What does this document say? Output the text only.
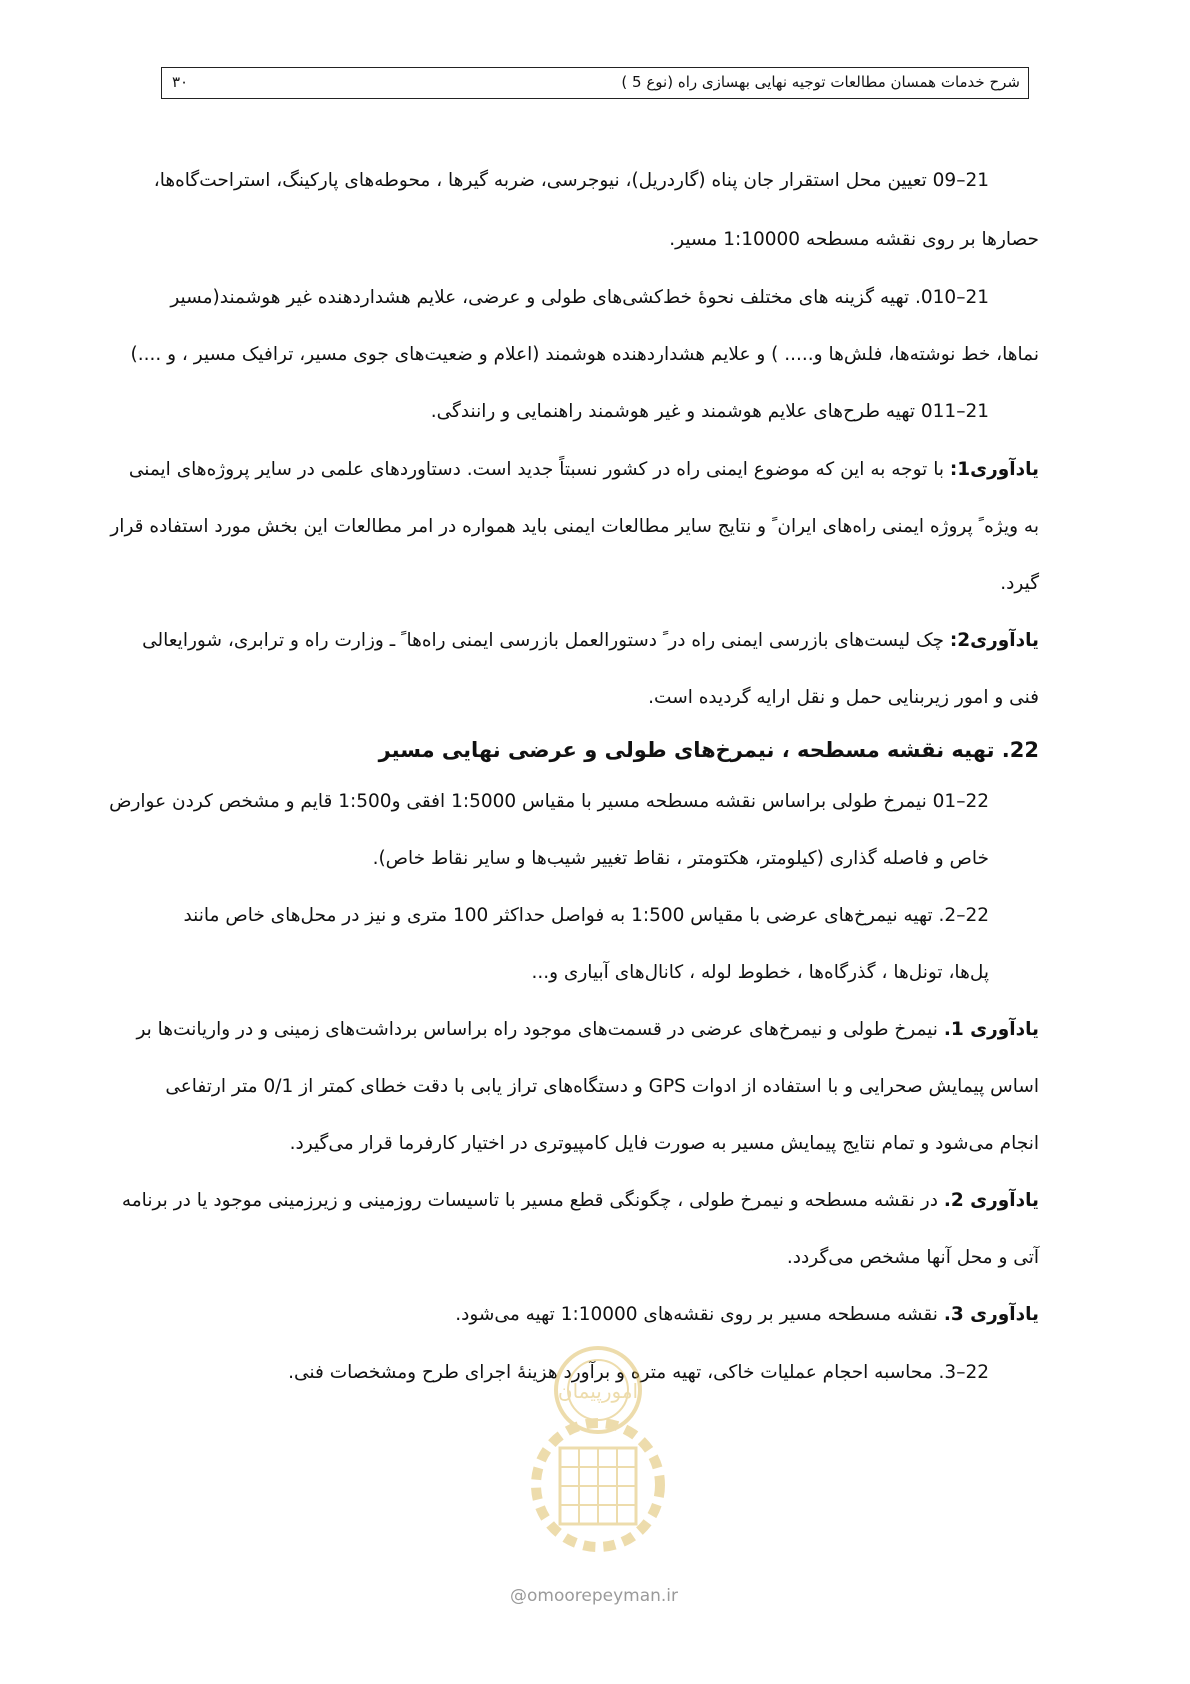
شرح خدمات همسان مطالعات توجیه نهایی بهسازی راه (نوع 5 )
۳۰
21–09 تعیین محل استقرار جان پناه (گاردریل)، نیوجرسی، ضربه گیرها ، محوطه‌های پارکینگ، استراحت‌گاه‌ها،
حصارها بر روی نقشه مسطحه 1:10000 مسیر.
21–010. تهیه گزینه های مختلف نحوهٔ خط‌کشی‌های طولی و عرضی، علایم هشداردهنده غیر هوشمند(مسیر
نماها، خط نوشته‌ها، فلش‌ها و..... ) و علایم هشداردهنده هوشمند (اعلام و ضعیت‌های جوی مسیر، ترافیک مسیر ، و ....)
21–011 تهیه طرح‌های علایم هوشمند و غیر هوشمند راهنمایی و رانندگی.
یادآوری1: با توجه به این که موضوع ایمنی راه در کشور نسبتاً جدید است. دستاوردهای علمی در سایر پروژه‌های ایمنی
به ویژه ً پروژه ایمنی راه‌های ایران ً و نتایج سایر مطالعات ایمنی باید همواره در امر مطالعات این بخش مورد استفاده قرار
گیرد.
یادآوری2: چک لیست‌های بازرسی ایمنی راه در ً دستورالعمل بازرسی ایمنی راه‌ها ً ـ وزارت راه و ترابری، شورایعالی
فنی و امور زیربنایی حمل و نقل ارایه گردیده است.
22. تهیه نقشه مسطحه ، نیمرخ‌های طولی و عرضی نهایی مسیر
22–01 نیمرخ طولی براساس نقشه مسطحه مسیر با مقیاس 1:5000 افقی و1:500 قایم و مشخص کردن عوارض
خاص و فاصله گذاری (کیلومتر، هکتومتر ، نقاط تغییر شیب‌ها و سایر نقاط خاص).
22–2. تهیه نیمرخ‌های عرضی با مقیاس 1:500 به فواصل حداکثر 100 متری و نیز در محل‌های خاص مانند
پل‌ها، تونل‌ها ، گذرگاه‌ها ، خطوط لوله ، کانال‌های آبیاری و...
یادآوری 1. نیمرخ طولی و نیمرخ‌های عرضی در قسمت‌های موجود راه براساس برداشت‌های زمینی و در واریانت‌ها بر
اساس پیمایش صحرایی و با استفاده از ادوات GPS و دستگاه‌های تراز یابی با دقت خطای کمتر از 0/1 متر ارتفاعی
انجام می‌شود و تمام نتایج پیمایش مسیر به صورت فایل کامپیوتری در اختیار کارفرما قرار می‌گیرد.
یادآوری 2. در نقشه مسطحه و نیمرخ طولی ، چگونگی قطع مسیر با تاسیسات روزمینی و زیرزمینی موجود یا در برنامه
آتی و محل آنها مشخص می‌گردد.
یادآوری 3. نقشه مسطحه مسیر بر روی نقشه‌های 1:10000 تهیه می‌شود.
22–3. محاسبه احجام عملیات خاکی، تهیه متره و برآورد هزینهٔ اجرای طرح ومشخصات فنی.
امورپیمان
@omoorepeyman.ir
